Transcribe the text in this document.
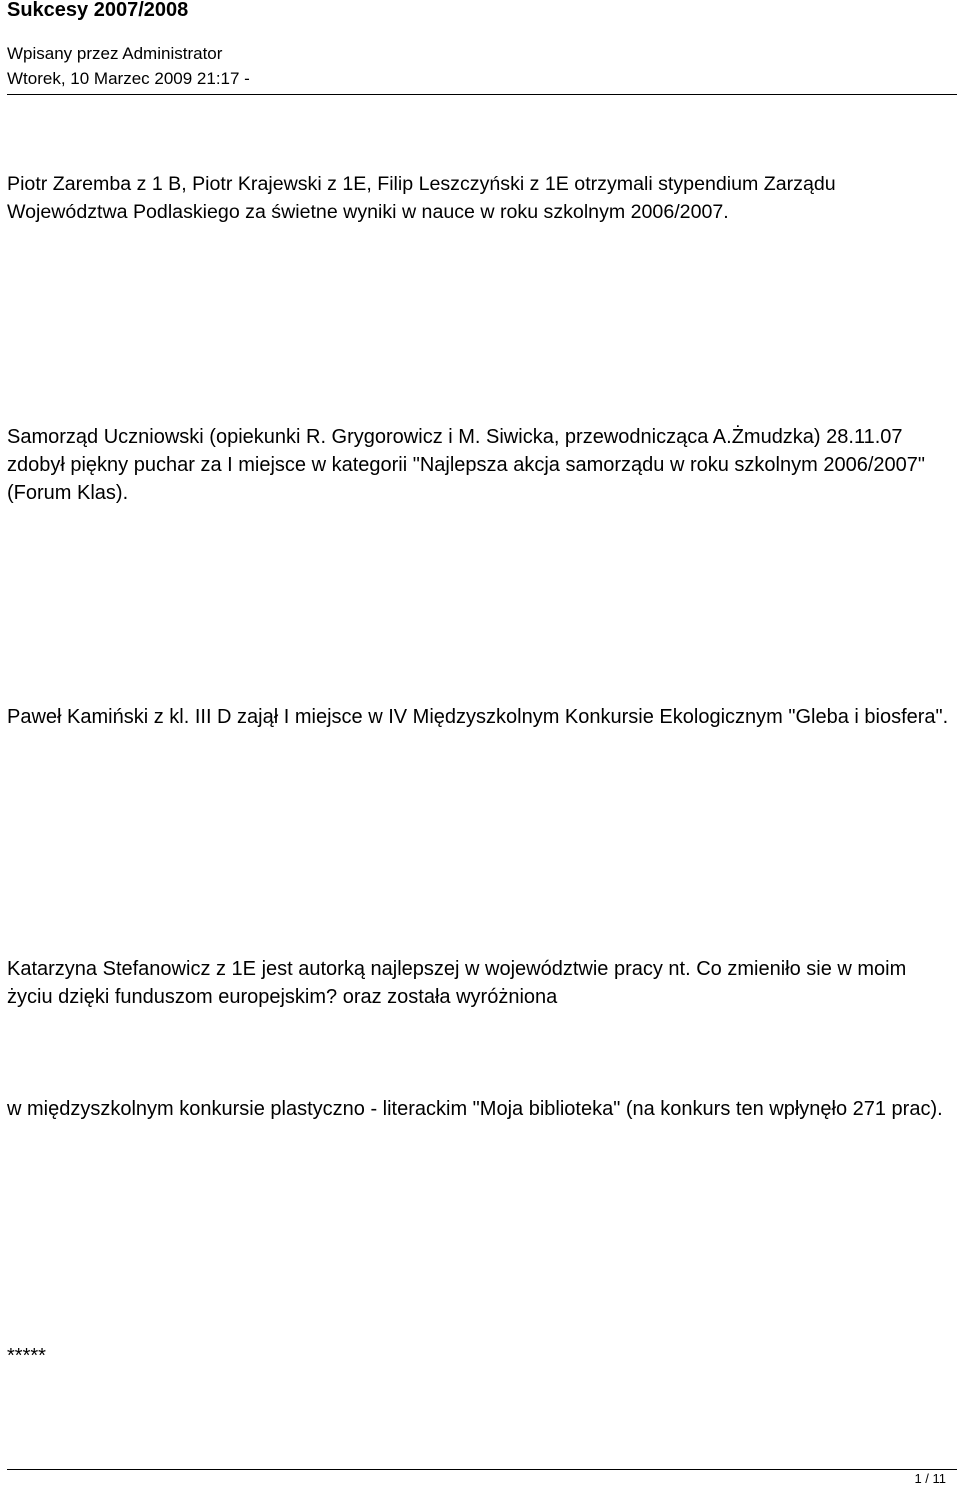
Sukcesy 2007/2008
Wpisany przez Administrator
Wtorek, 10 Marzec 2009 21:17 -

Piotr Zaremba z 1 B, Piotr Krajewski z 1E, Filip Leszczyński z 1E otrzymali stypendium Zarządu Województwa Podlaskiego za świetne wyniki w nauce w roku szkolnym 2006/2007.

Samorząd Uczniowski (opiekunki R. Grygorowicz i M. Siwicka, przewodnicząca A.Żmudzka) 28.11.07 zdobył piękny puchar za I miejsce w kategorii "Najlepsza akcja samorządu w roku szkolnym 2006/2007" (Forum Klas).

Paweł Kamiński z kl. III D zajął I miejsce w IV Międzyszkolnym Konkursie Ekologicznym "Gleba i biosfera".

Katarzyna Stefanowicz z 1E jest autorką najlepszej w województwie pracy nt. Co zmieniło sie w moim życiu dzięki funduszom europejskim? oraz została wyróżniona

w międzyszkolnym konkursie plastyczno - literackim "Moja biblioteka" (na konkurs ten wpłynęło 271 prac).

*****

1 / 11
